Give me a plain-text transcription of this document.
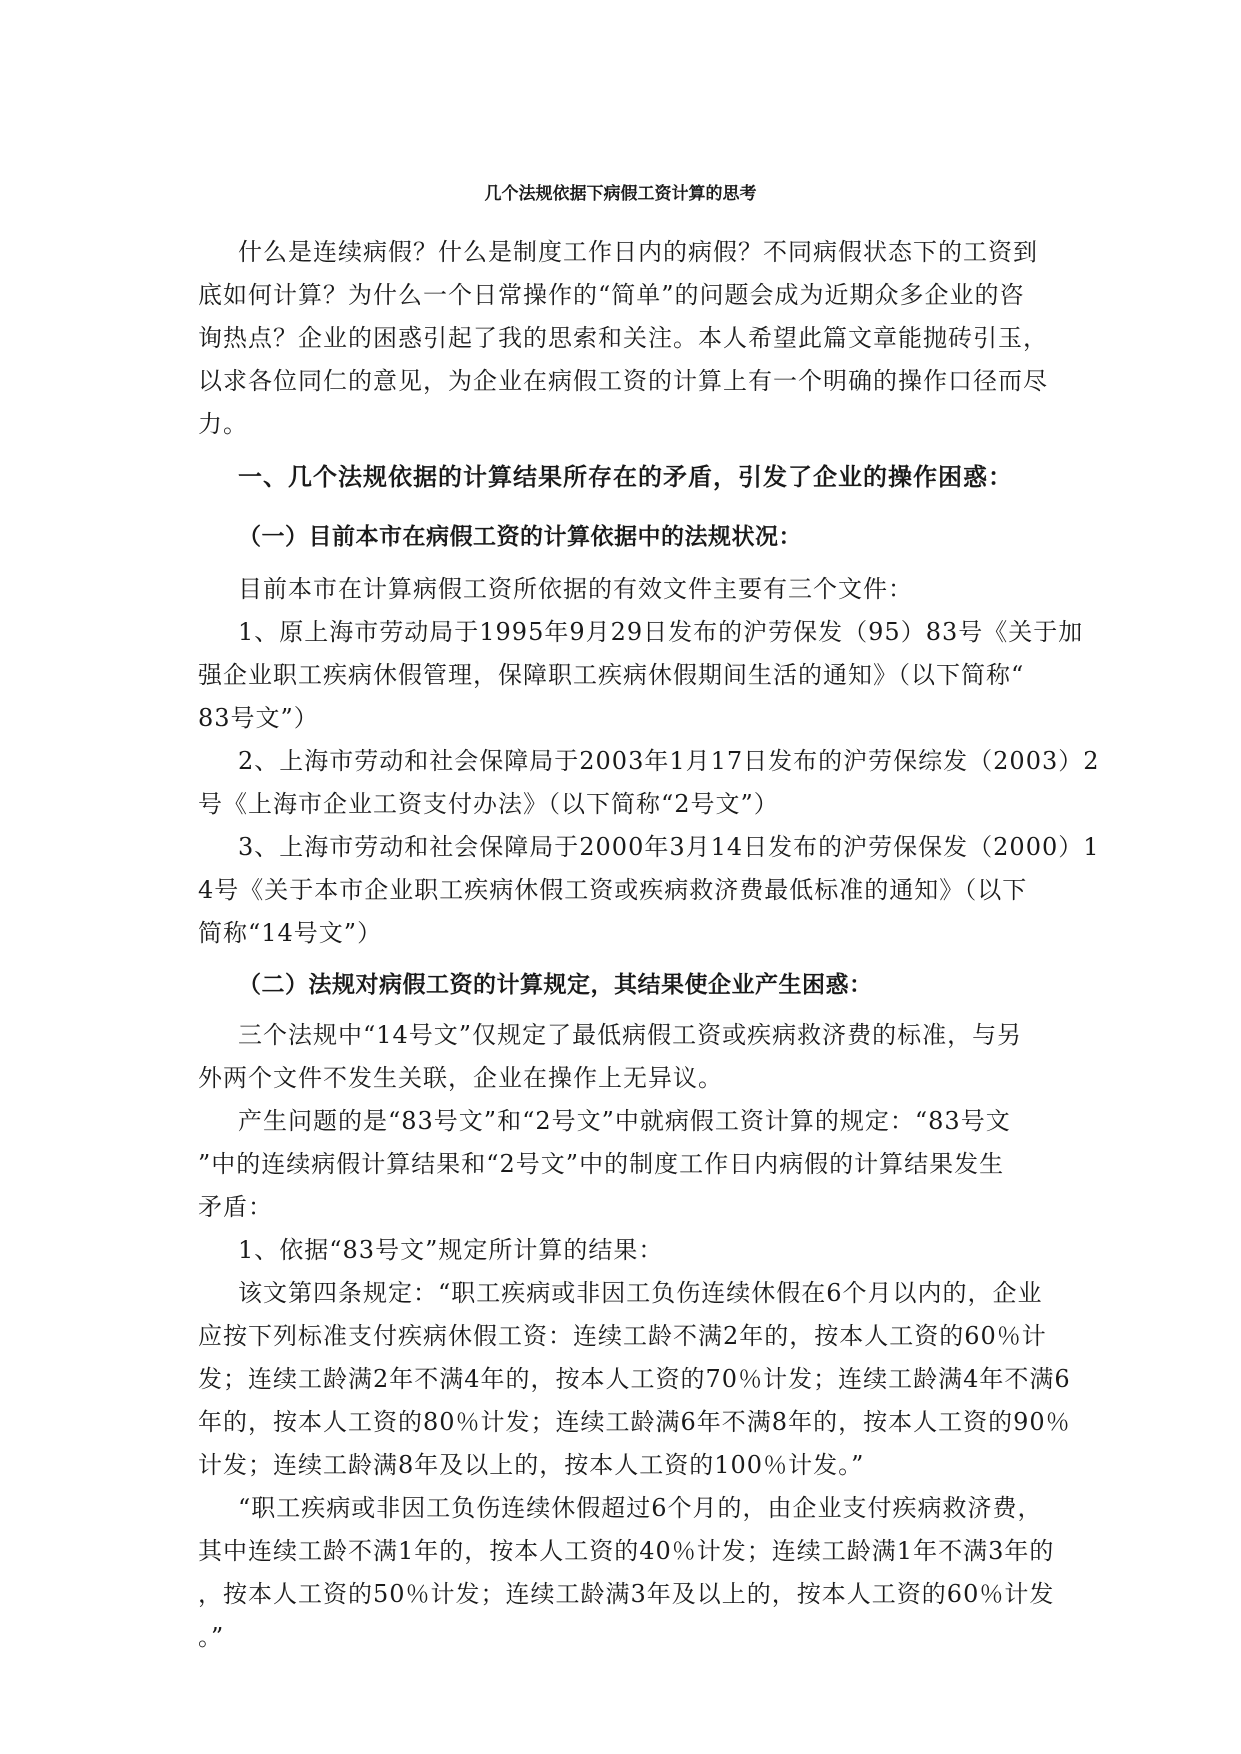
几个法规依据下病假工资计算的思考
什么是连续病假？什么是制度工作日内的病假？不同病假状态下的工资到
底如何计算？为什么一个日常操作的“简单”的问题会成为近期众多企业的咨
询热点？企业的困惑引起了我的思索和关注。本人希望此篇文章能抛砖引玉，
以求各位同仁的意见，为企业在病假工资的计算上有一个明确的操作口径而尽
力。
一、几个法规依据的计算结果所存在的矛盾，引发了企业的操作困惑：
（一）目前本市在病假工资的计算依据中的法规状况：
目前本市在计算病假工资所依据的有效文件主要有三个文件：
1、原上海市劳动局于1995年9月29日发布的沪劳保发（95）83号《关于加
强企业职工疾病休假管理，保障职工疾病休假期间生活的通知》（以下简称“
83号文”）
2、上海市劳动和社会保障局于2003年1月17日发布的沪劳保综发（2003）2
号《上海市企业工资支付办法》（以下简称“2号文”）
3、上海市劳动和社会保障局于2000年3月14日发布的沪劳保保发（2000）1
4号《关于本市企业职工疾病休假工资或疾病救济费最低标准的通知》（以下
简称“14号文”）
（二）法规对病假工资的计算规定，其结果使企业产生困惑：
三个法规中“14号文”仅规定了最低病假工资或疾病救济费的标准，与另
外两个文件不发生关联，企业在操作上无异议。
产生问题的是“83号文”和“2号文”中就病假工资计算的规定：“83号文
”中的连续病假计算结果和“2号文”中的制度工作日内病假的计算结果发生
矛盾：
1、依据“83号文”规定所计算的结果：
该文第四条规定：“职工疾病或非因工负伤连续休假在6个月以内的，企业
应按下列标准支付疾病休假工资：连续工龄不满2年的，按本人工资的60％计
发；连续工龄满2年不满4年的，按本人工资的70％计发；连续工龄满4年不满6
年的，按本人工资的80％计发；连续工龄满6年不满8年的，按本人工资的90％
计发；连续工龄满8年及以上的，按本人工资的100％计发。”
“职工疾病或非因工负伤连续休假超过6个月的，由企业支付疾病救济费，
其中连续工龄不满1年的，按本人工资的40％计发；连续工龄满1年不满3年的
，按本人工资的50％计发；连续工龄满3年及以上的，按本人工资的60％计发
。”
